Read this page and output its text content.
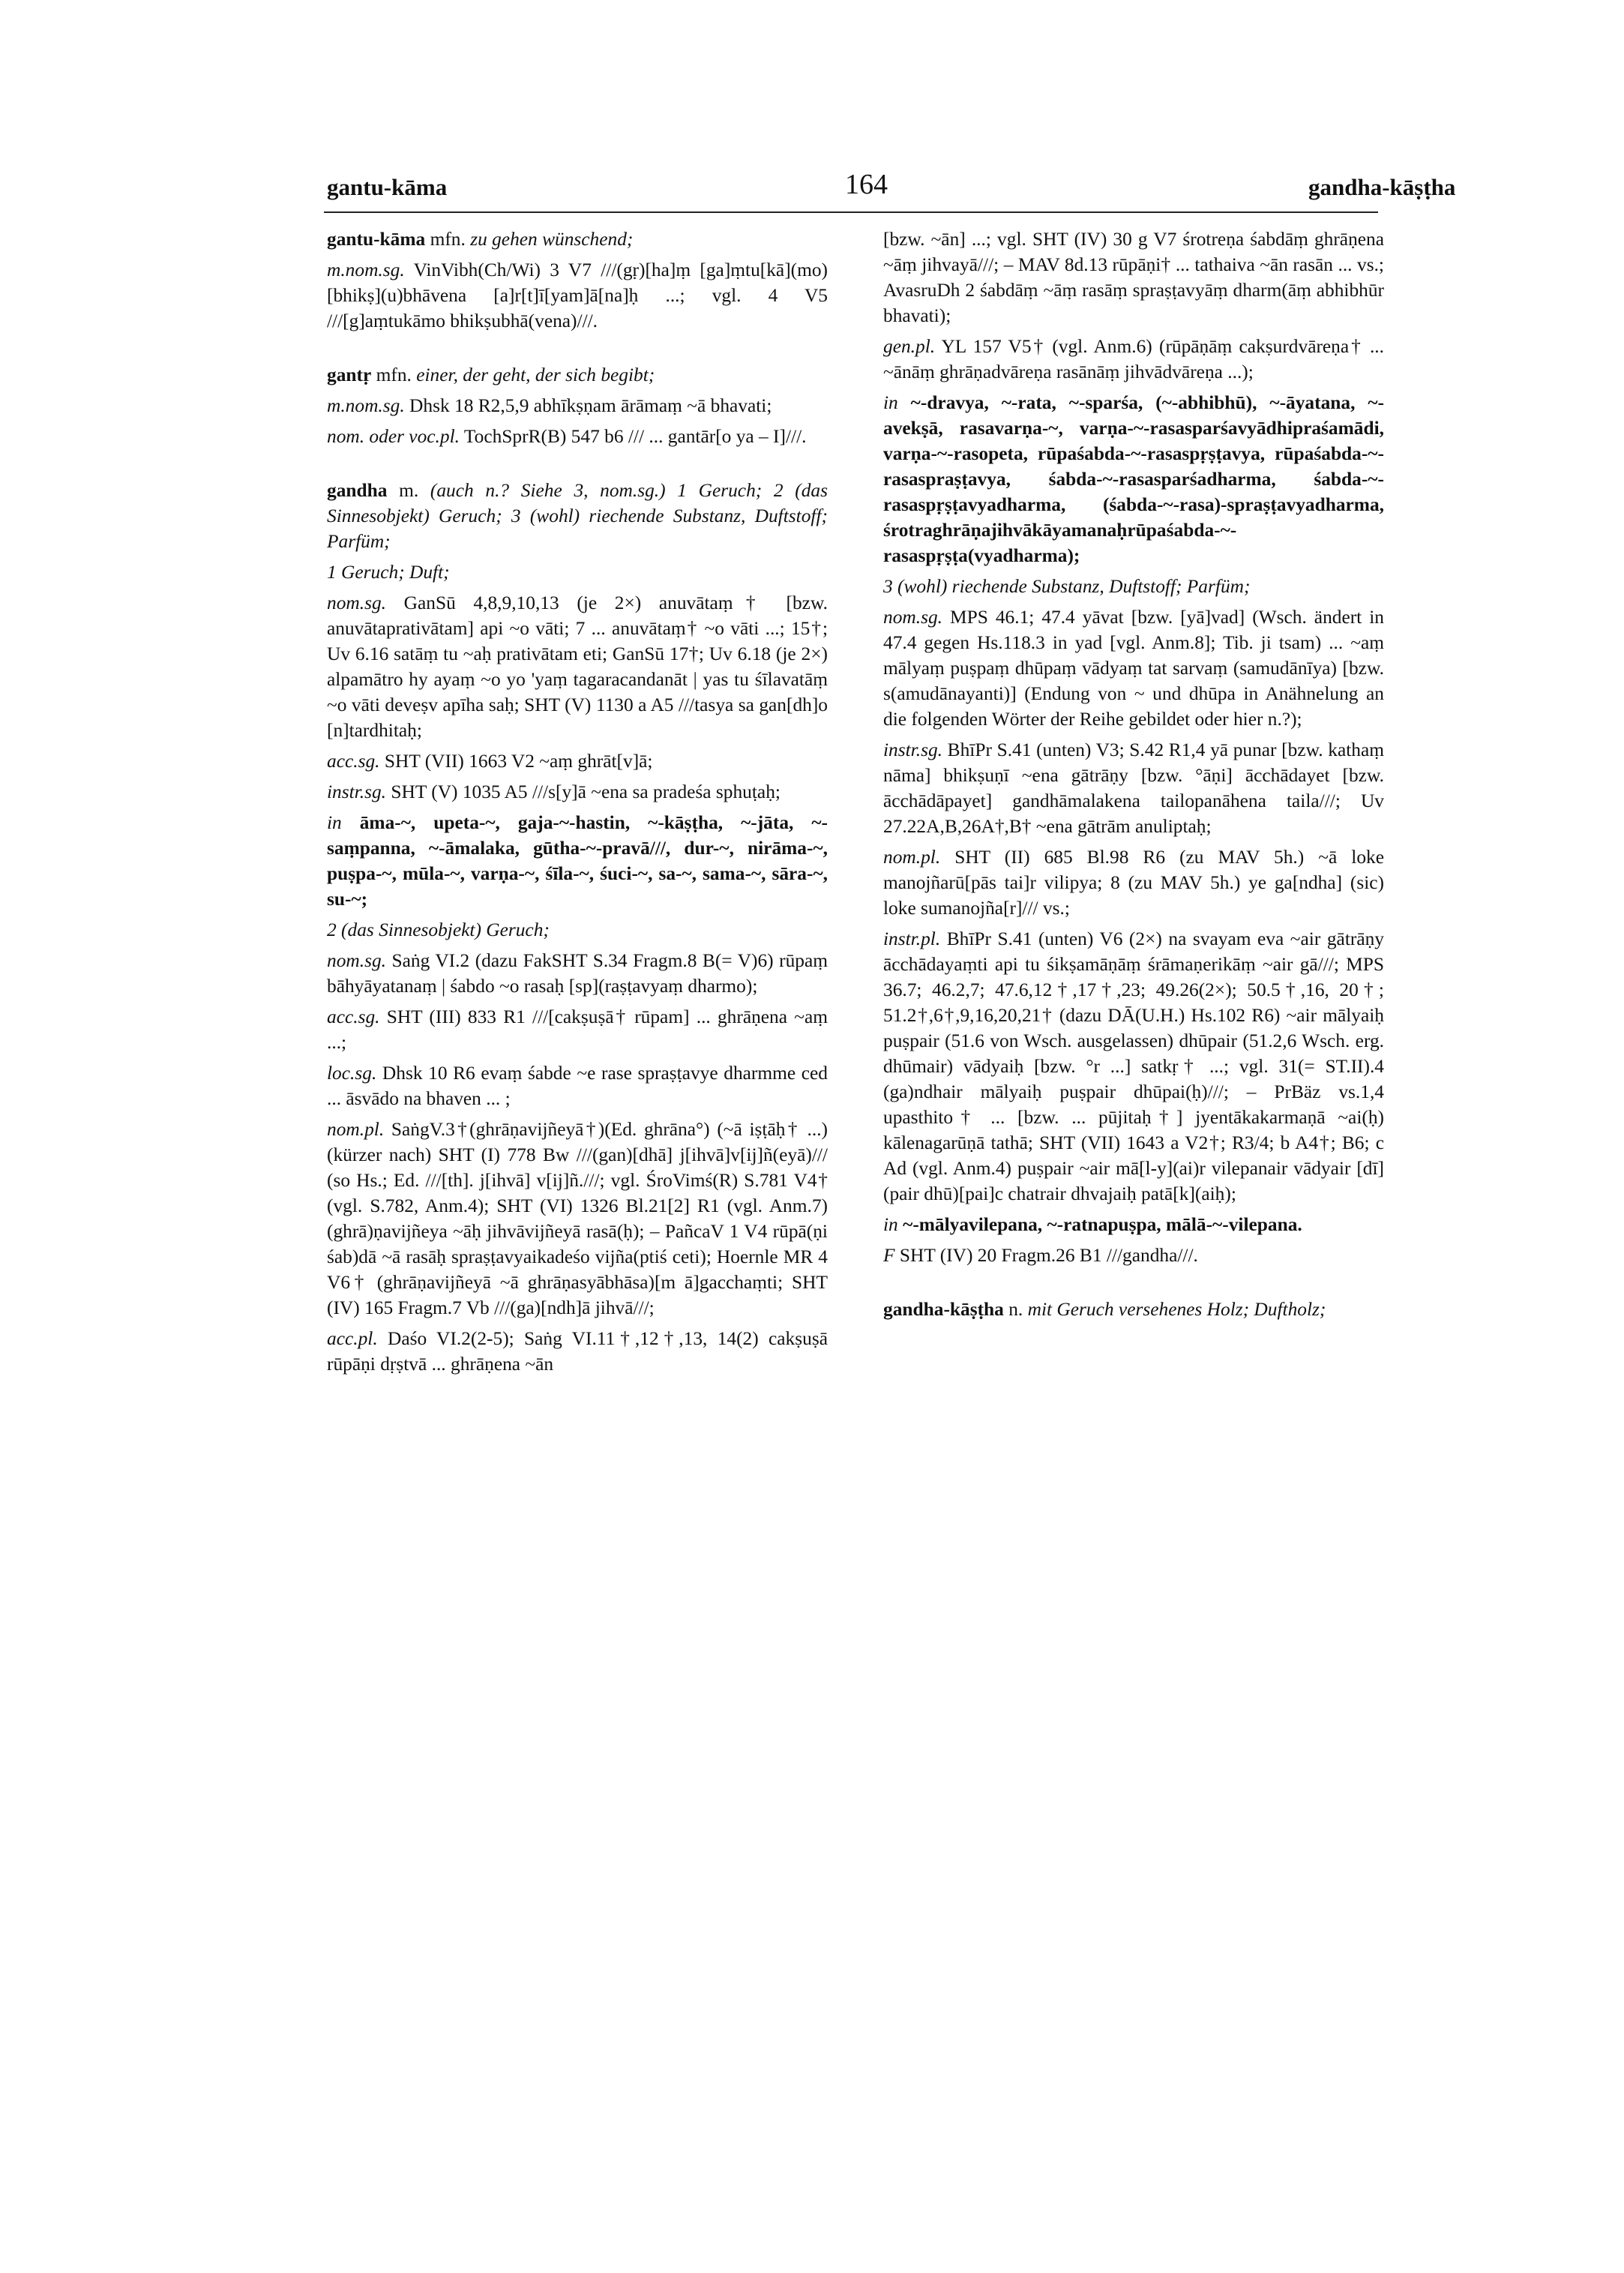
gantu-kāma	164	gandha-kāṣṭha

gantu-kāma mfn. zu gehen wünschend;

m.nom.sg. VinVibh(Ch/Wi) 3 V7 ///(gṛ)[ha]ṃ [ga]ṃtu[kā](mo) [bhikṣ](u)bhāvena [a]r[t]ī[yam]ā[na]ḥ ...; vgl. 4 V5 ///[g]aṃtukāmo bhikṣubhā(vena)///.

gantṛ mfn. einer, der geht, der sich begibt;

m.nom.sg. Dhsk 18 R2,5,9 abhīkṣṇam ārāmaṃ ~ā bhavati;

nom. oder voc.pl. TochSprR(B) 547 b6 /// ... gantār[o ya – I]///.

gandha m. (auch n.? Siehe 3, nom.sg.) 1 Geruch; 2 (das Sinnesobjekt) Geruch; 3 (wohl) riechende Substanz, Duftstoff; Parfüm;

1 Geruch; Duft;

nom.sg. GanSū 4,8,9,10,13 (je 2×) anuvātaṃ† [bzw. anuvātaprativātam] api ~o vāti; 7 ... anuvātaṃ† ~o vāti ...; 15†; Uv 6.16 satāṃ tu ~aḥ prativātam eti; GanSū 17†; Uv 6.18 (je 2×) alpamātro hy ayaṃ ~o yo 'yaṃ tagaracandanāt | yas tu śīlavatāṃ ~o vāti deveṣv apīha saḥ; SHT (V) 1130 a A5 ///tasya sa gan[dh]o [n]tardhitaḥ;

acc.sg. SHT (VII) 1663 V2 ~aṃ ghrāt[v]ā;

instr.sg. SHT (V) 1035 A5 ///s[y]ā ~ena sa pradeśa sphuṭaḥ;

in āma-~, upeta-~, gaja-~-hastin, ~-kāṣṭha, ~-jāta, ~-saṃpanna, ~-āmalaka, gūtha-~-pravā///, dur-~, nirāma-~, puṣpa-~, mūla-~, varṇa-~, śīla-~, śuci-~, sa-~, sama-~, sāra-~, su-~;

2 (das Sinnesobjekt) Geruch;

nom.sg. Saṅg VI.2 (dazu FakSHT S.34 Fragm.8 B(= V)6) rūpaṃ bāhyāyatanaṃ | śabdo ~o rasaḥ [sp](raṣṭavyaṃ dharmo);

acc.sg. SHT (III) 833 R1 ///[cakṣuṣā† rūpam] ... ghrāṇena ~aṃ ...;

loc.sg. Dhsk 10 R6 evaṃ śabde ~e rase spraṣṭavye dharmme ced ... āsvādo na bhaven ... ;

nom.pl. SaṅgV.3†(ghrāṇavijñeyā†)(Ed. ghrāna°) (~ā iṣṭāḥ† ...) (kürzer nach) SHT (I) 778 Bw ///(gan)[dhā] j[ihvā]v[ij]ñ(eyā)/// (so Hs.; Ed. ///[th]. j[ihvā] v[ij]ñ.///; vgl. ŚroVimś(R) S.781 V4† (vgl. S.782, Anm.4); SHT (VI) 1326 Bl.21[2] R1 (vgl. Anm.7) (ghrā)ṇavijñeya ~āḥ jihvāvijñeyā rasā(ḥ); – PañcaV 1 V4 rūpā(ṇi śab)dā ~ā rasāḥ spraṣṭavyaikadeśo vijña(ptiś ceti); Hoernle MR 4 V6† (ghrāṇavijñeyā ~ā ghrāṇasyābhāsa)[m ā]gacchaṃti; SHT (IV) 165 Fragm.7 Vb ///(ga)[ndh]ā jihvā///;

acc.pl. Daśo VI.2(2-5); Saṅg VI.11†,12†,13, 14(2) cakṣuṣā rūpāṇi dṛṣtvā ... ghrāṇena ~ān

[bzw. ~ān] ...; vgl. SHT (IV) 30 g V7 śrotreṇa śabdāṃ ghrāṇena ~āṃ jihvayā///; – MAV 8d.13 rūpāṇi† ... tathaiva ~ān rasān ... vs.; AvasruDh 2 śabdāṃ ~āṃ rasāṃ spraṣṭavyāṃ dharm(āṃ abhibhūr bhavati);

gen.pl. YL 157 V5† (vgl. Anm.6) (rūpāṇāṃ cakṣurdvāreṇa† ... ~ānāṃ ghrāṇadvāreṇa rasānāṃ jihvādvāreṇa ...);

in ~-dravya, ~-rata, ~-sparśa, (~-abhibhū), ~-āyatana, ~-avekṣā, rasavarṇa-~, varṇa-~-rasasparśavyādhipraśamādi, varṇa-~-rasopeta, rūpaśabda-~-rasaspṛṣṭavya, rūpaśabda-~-rasaspraṣṭavya, śabda-~-rasasparśadharma, śabda-~-rasaspṛṣṭavyadharma, (śabda-~-rasa)-spraṣṭavyadharma, śrotraghrāṇajihvākāyamanaḥrūpaśabda-~-rasaspṛṣṭa(vyadharma);

3 (wohl) riechende Substanz, Duftstoff; Parfüm;

nom.sg. MPS 46.1; 47.4 yāvat [bzw. [yā]vad] (Wsch. ändert in 47.4 gegen Hs.118.3 in yad [vgl. Anm.8]; Tib. ji tsam) ... ~aṃ mālyaṃ puṣpaṃ dhūpaṃ vādyaṃ tat sarvaṃ (samudānīya) [bzw. s(amudānayanti)] (Endung von ~ und dhūpa in Anähnelung an die folgenden Wörter der Reihe gebildet oder hier n.?);

instr.sg. BhīPr S.41 (unten) V3; S.42 R1,4 yā punar [bzw. kathaṃ nāma] bhikṣuṇī ~ena gātrāṇy [bzw. °āṇi] ācchādayet [bzw. ācchādāpayet] gandhāmalakena tailopanāhena taila///; Uv 27.22A,B,26A†,B† ~ena gātrām anuliptaḥ;

nom.pl. SHT (II) 685 Bl.98 R6 (zu MAV 5h.) ~ā loke manojñarū[pās tai]r vilipya; 8 (zu MAV 5h.) ye ga[ndha] (sic) loke sumanojña[r]/// vs.;

instr.pl. BhīPr S.41 (unten) V6 (2×) na svayam eva ~air gātrāṇy ācchādayaṃti api tu śikṣamāṇāṃ śrāmaṇerikāṃ ~air gā///; MPS 36.7; 46.2,7; 47.6,12†,17†,23; 49.26(2×); 50.5†,16, 20†; 51.2†,6†,9,16,20,21† (dazu DĀ(U.H.) Hs.102 R6) ~air mālyaiḥ puṣpair (51.6 von Wsch. ausgelassen) dhūpair (51.2,6 Wsch. erg. dhūmair) vādyaiḥ [bzw. °r ...] satkṛ† ...; vgl. 31(= ST.II).4 (ga)ndhair mālyaiḥ puṣpair dhūpai(ḥ)///; – PrBäz vs.1,4 upasthito† ... [bzw. ... pūjitaḥ†] jyentākakarmaṇā ~ai(ḥ) kālenagarūṇā tathā; SHT (VII) 1643 a V2†; R3/4; b A4†; B6; c Ad (vgl. Anm.4) puṣpair ~air mā[l-y](ai)r vilepanair vādyair [dī](pair dhū)[pai]c chatrair dhvajaiḥ patā[k](aiḥ);

in ~-mālyavilepana, ~-ratnapuṣpa, mālā-~-vilepana.

F SHT (IV) 20 Fragm.26 B1 ///gandha///.

gandha-kāṣṭha n. mit Geruch versehenes Holz; Duftholz;
